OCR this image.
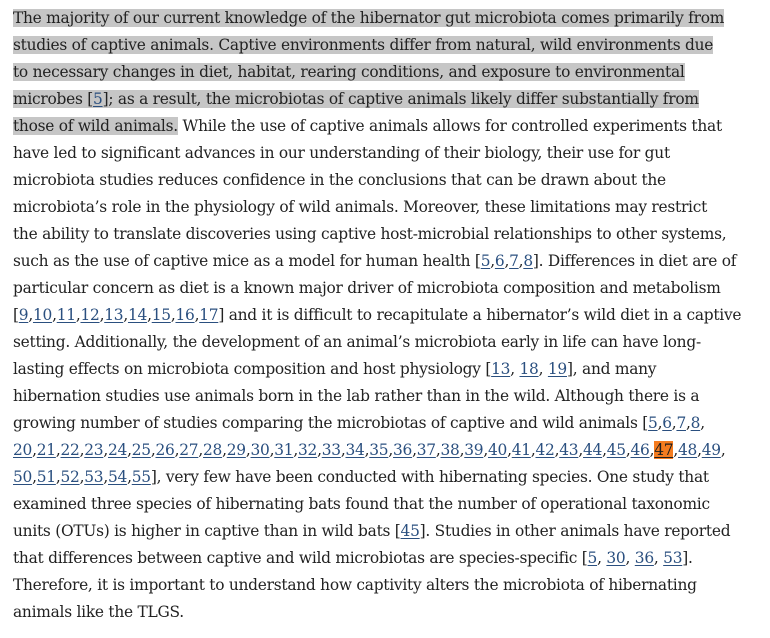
The majority of our current knowledge of the hibernator gut microbiota comes primarily from
studies of captive animals. Captive environments differ from natural, wild environments due
to necessary changes in diet, habitat, rearing conditions, and exposure to environmental
microbes [5]; as a result, the microbiotas of captive animals likely differ substantially from
those of wild animals. While the use of captive animals allows for controlled experiments that
have led to significant advances in our understanding of their biology, their use for gut
microbiota studies reduces confidence in the conclusions that can be drawn about the
microbiota’s role in the physiology of wild animals. Moreover, these limitations may restrict
the ability to translate discoveries using captive host-microbial relationships to other systems,
such as the use of captive mice as a model for human health [5,6,7,8]. Differences in diet are of
particular concern as diet is a known major driver of microbiota composition and metabolism
[9,10,11,12,13,14,15,16,17] and it is difficult to recapitulate a hibernator’s wild diet in a captive
setting. Additionally, the development of an animal’s microbiota early in life can have long-
lasting effects on microbiota composition and host physiology [13, 18, 19], and many
hibernation studies use animals born in the lab rather than in the wild. Although there is a
growing number of studies comparing the microbiotas of captive and wild animals [5,6,7,8,
20,21,22,23,24,25,26,27,28,29,30,31,32,33,34,35,36,37,38,39,40,41,42,43,44,45,46,47,48,49,
50,51,52,53,54,55], very few have been conducted with hibernating species. One study that
examined three species of hibernating bats found that the number of operational taxonomic
units (OTUs) is higher in captive than in wild bats [45]. Studies in other animals have reported
that differences between captive and wild microbiotas are species-specific [5, 30, 36, 53].
Therefore, it is important to understand how captivity alters the microbiota of hibernating
animals like the TLGS.
